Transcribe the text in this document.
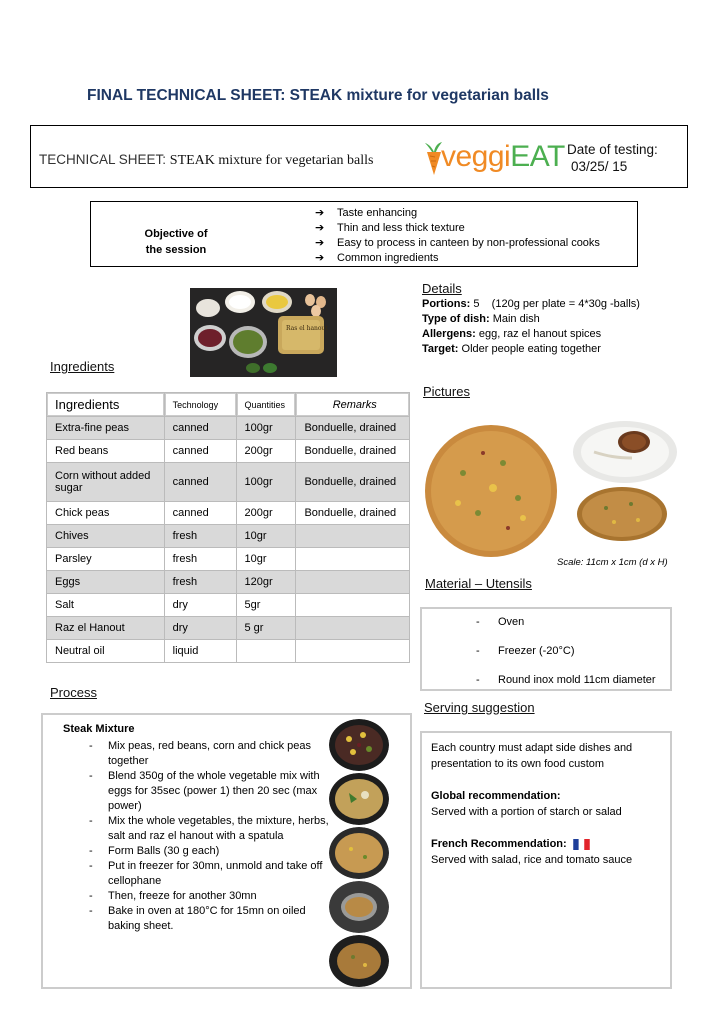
FINAL TECHNICAL SHEET: STEAK mixture for vegetarian balls
TECHNICAL SHEET: STEAK mixture for vegetarian balls veggiEAT Date of testing:
03/25/ 15
Objective of
the session
➔ Taste enhancing
➔ Thin and less thick texture
➔ Easy to process in canteen by non-professional cooks
➔ Common ingredients
Ras el hanout
Ingredients
Details
Pictures
Material – Utensils
Process
Serving suggestion
Portions: 5    (120g per plate = 4*30g -balls)
Type of dish: Main dish
Allergens: egg, raz el hanout spices
Target: Older people eating together
Ingredients	Technology	Quantities	Remarks
Extra-fine peas	canned	100gr	Bonduelle, drained
Red beans	canned	200gr	Bonduelle, drained
Corn without added sugar	canned	100gr	Bonduelle, drained
Chick peas	canned	200gr	Bonduelle, drained
Chives	fresh	10gr	
Parsley	fresh	10gr	
Eggs	fresh	120gr	
Salt	dry	5gr	
Raz el Hanout	dry	5 gr	
Neutral oil	liquid		
Scale: 11cm x 1cm (d x H)
- Oven
- Freezer (-20°C)
- Round inox mold 11cm diameter
Steak Mixture
- Mix peas, red beans, corn and chick peas together
- Blend 350g of the whole vegetable mix with eggs for 35sec (power 1) then 20 sec (max power)
- Mix the whole vegetables, the mixture, herbs, salt and raz el hanout with a spatula
- Form Balls (30 g each)
- Put in freezer for 30mn, unmold and take off cellophane
- Then, freeze for another 30mn
- Bake in oven at 180°C for 15mn on oiled baking sheet.

Each country must adapt side dishes and presentation to its own food custom

Global recommendation:
Served with a portion of starch or salad
French Recommendation:
Served with salad, rice and tomato sauce
